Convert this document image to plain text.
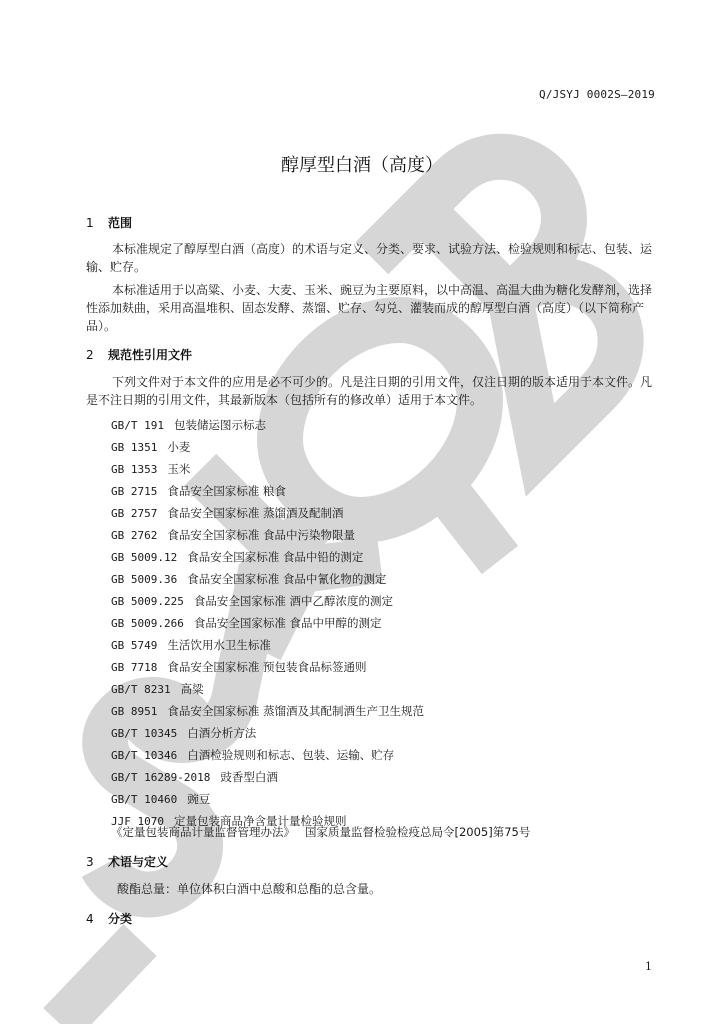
Q/JSYJ 0002S—2019
醇厚型白酒（高度）
1 范围
本标准规定了醇厚型白酒（高度）的术语与定义、分类、要求、试验方法、检验规则和标志、包装、运输、贮存。
本标准适用于以高粱、小麦、大麦、玉米、豌豆为主要原料，以中高温、高温大曲为糖化发酵剂，选择性添加麸曲，采用高温堆积、固态发酵、蒸馏、贮存、勾兑、灌装而成的醇厚型白酒（高度）（以下简称产品）。
2 规范性引用文件
下列文件对于本文件的应用是必不可少的。凡是注日期的引用文件，仅注日期的版本适用于本文件。凡是不注日期的引用文件，其最新版本（包括所有的修改单）适用于本文件。
GB/T 191 包装储运图示标志
GB 1351 小麦
GB 1353 玉米
GB 2715 食品安全国家标准 粮食
GB 2757 食品安全国家标准 蒸馏酒及配制酒
GB 2762 食品安全国家标准 食品中污染物限量
GB 5009.12 食品安全国家标准 食品中铅的测定
GB 5009.36 食品安全国家标准 食品中氰化物的测定
GB 5009.225 食品安全国家标准 酒中乙醇浓度的测定
GB 5009.266 食品安全国家标准 食品中甲醇的测定
GB 5749 生活饮用水卫生标准
GB 7718 食品安全国家标准 预包装食品标签通则
GB/T 8231 高粱
GB 8951 食品安全国家标准 蒸馏酒及其配制酒生产卫生规范
GB/T 10345 白酒分析方法
GB/T 10346 白酒检验规则和标志、包装、运输、贮存
GB/T 16289-2018 豉香型白酒
GB/T 10460 豌豆
JJF 1070 定量包装商品净含量计量检验规则
《定量包装商品计量监督管理办法》 国家质量监督检验检疫总局令[2005]第75号
3 术语与定义
酸酯总量：单位体积白酒中总酸和总酯的总含量。
4 分类
1
